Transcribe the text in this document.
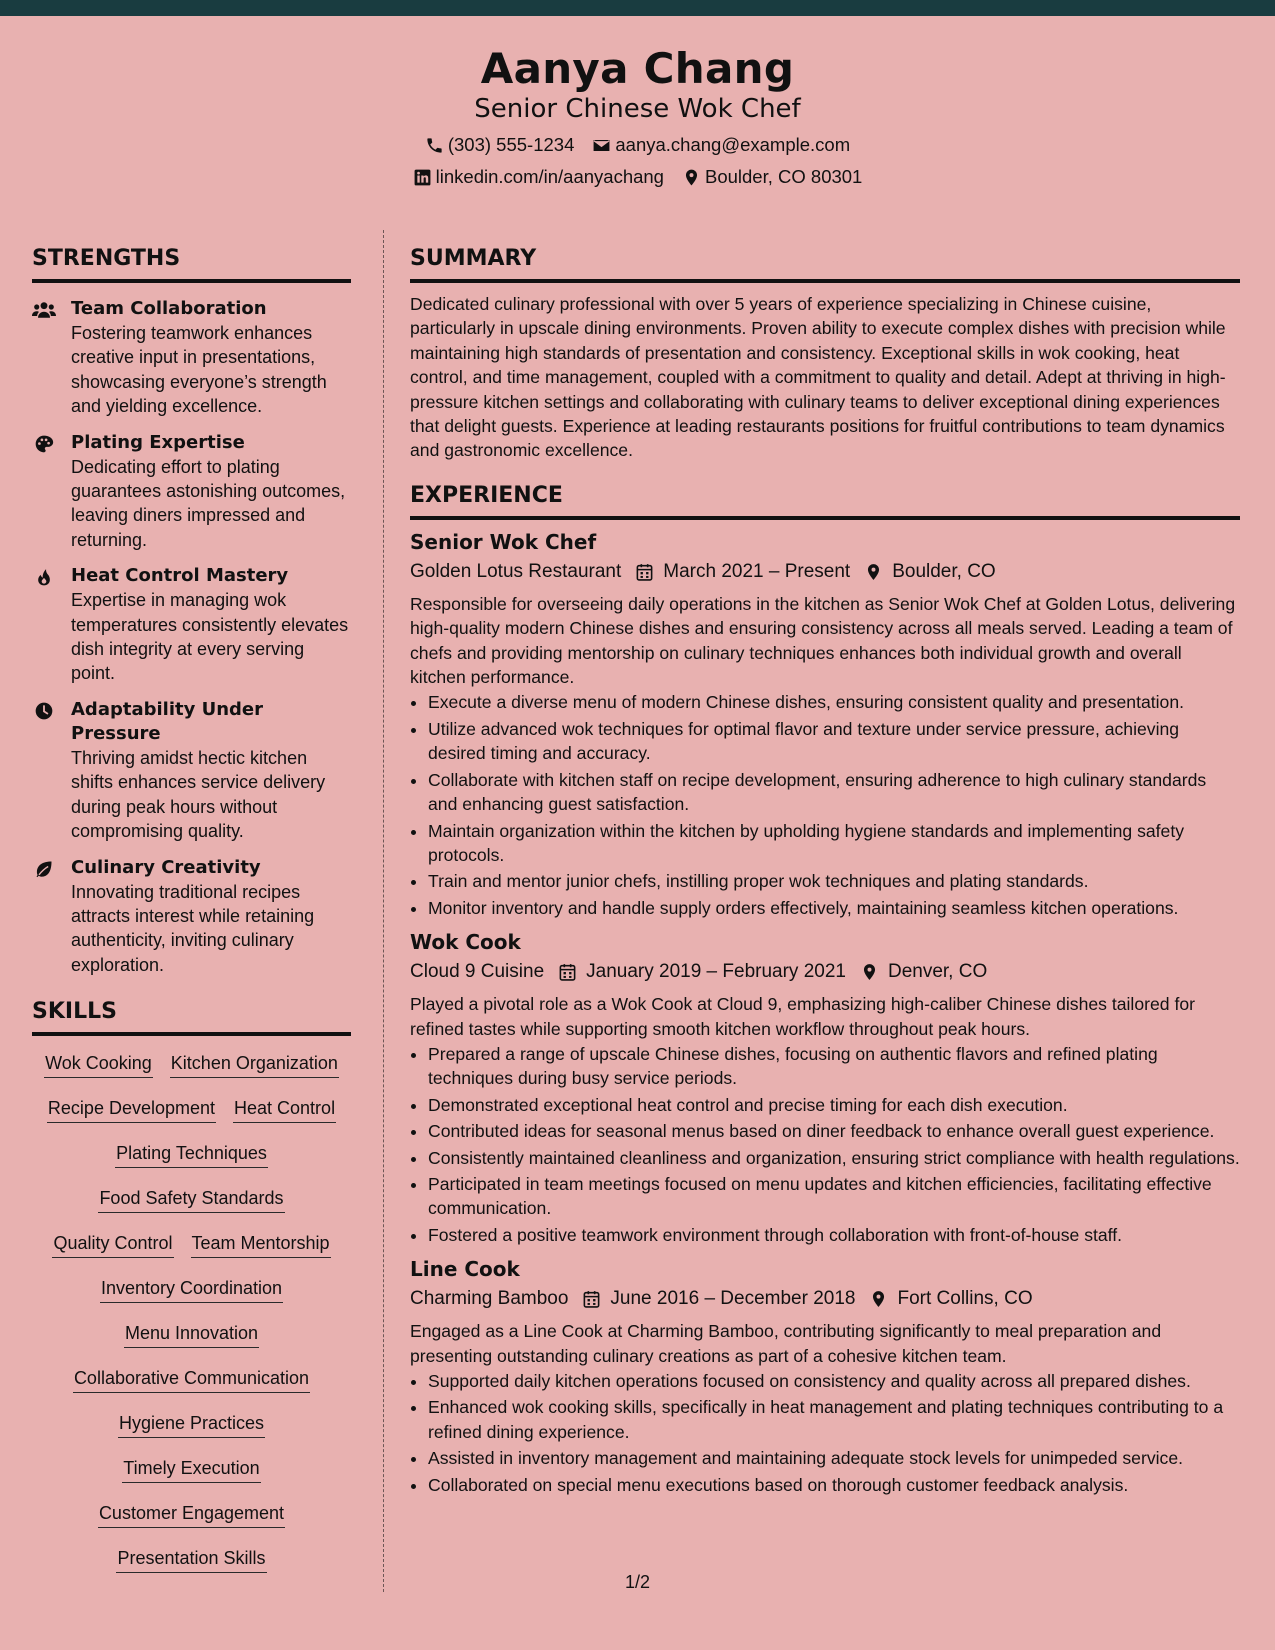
Aanya Chang
Senior Chinese Wok Chef
(303) 555-1234 aanya.chang@example.com
linkedin.com/in/aanyachang Boulder, CO 80301
STRENGTHS

Team Collaboration

Fostering teamwork enhances creative input in presentations, showcasing everyone’s strength and yielding excellence.

Plating Expertise

Dedicating effort to plating guarantees astonishing outcomes, leaving diners impressed and returning.

Heat Control Mastery

Expertise in managing wok temperatures consistently elevates dish integrity at every serving point.

Adaptability Under Pressure

Thriving amidst hectic kitchen shifts enhances service delivery during peak hours without compromising quality.

Culinary Creativity

Innovating traditional recipes attracts interest while retaining authenticity, inviting culinary exploration.

SKILLS
Wok Cooking Kitchen Organization
Recipe Development Heat Control
Plating Techniques
Food Safety Standards
Quality Control Team Mentorship
Inventory Coordination
Menu Innovation
Collaborative Communication
Hygiene Practices
Timely Execution
Customer Engagement
Presentation Skills
SUMMARY

Dedicated culinary professional with over 5 years of experience specializing in Chinese cuisine, particularly in upscale dining environments. Proven ability to execute complex dishes with precision while maintaining high standards of presentation and consistency. Exceptional skills in wok cooking, heat control, and time management, coupled with a commitment to quality and detail. Adept at thriving in high-pressure kitchen settings and collaborating with culinary teams to deliver exceptional dining experiences that delight guests. Experience at leading restaurants positions for fruitful contributions to team dynamics and gastronomic excellence.

EXPERIENCE

Senior Wok Chef

Golden Lotus Restaurant March 2021 – Present Boulder, CO

Responsible for overseeing daily operations in the kitchen as Senior Wok Chef at Golden Lotus, delivering high-quality modern Chinese dishes and ensuring consistency across all meals served. Leading a team of chefs and providing mentorship on culinary techniques enhances both individual growth and overall kitchen performance.

• Execute a diverse menu of modern Chinese dishes, ensuring consistent quality and presentation.
• Utilize advanced wok techniques for optimal flavor and texture under service pressure, achieving desired timing and accuracy.
• Collaborate with kitchen staff on recipe development, ensuring adherence to high culinary standards and enhancing guest satisfaction.
• Maintain organization within the kitchen by upholding hygiene standards and implementing safety protocols.
• Train and mentor junior chefs, instilling proper wok techniques and plating standards.
• Monitor inventory and handle supply orders effectively, maintaining seamless kitchen operations.

Wok Cook

Cloud 9 Cuisine January 2019 – February 2021 Denver, CO

Played a pivotal role as a Wok Cook at Cloud 9, emphasizing high-caliber Chinese dishes tailored for refined tastes while supporting smooth kitchen workflow throughout peak hours.

• Prepared a range of upscale Chinese dishes, focusing on authentic flavors and refined plating techniques during busy service periods.
• Demonstrated exceptional heat control and precise timing for each dish execution.
• Contributed ideas for seasonal menus based on diner feedback to enhance overall guest experience.
• Consistently maintained cleanliness and organization, ensuring strict compliance with health regulations.
• Participated in team meetings focused on menu updates and kitchen efficiencies, facilitating effective communication.
• Fostered a positive teamwork environment through collaboration with front-of-house staff.

Line Cook

Charming Bamboo June 2016 – December 2018 Fort Collins, CO

Engaged as a Line Cook at Charming Bamboo, contributing significantly to meal preparation and presenting outstanding culinary creations as part of a cohesive kitchen team.

• Supported daily kitchen operations focused on consistency and quality across all prepared dishes.
• Enhanced wok cooking skills, specifically in heat management and plating techniques contributing to a refined dining experience.
• Assisted in inventory management and maintaining adequate stock levels for unimpeded service.
• Collaborated on special menu executions based on thorough customer feedback analysis.
1/2
